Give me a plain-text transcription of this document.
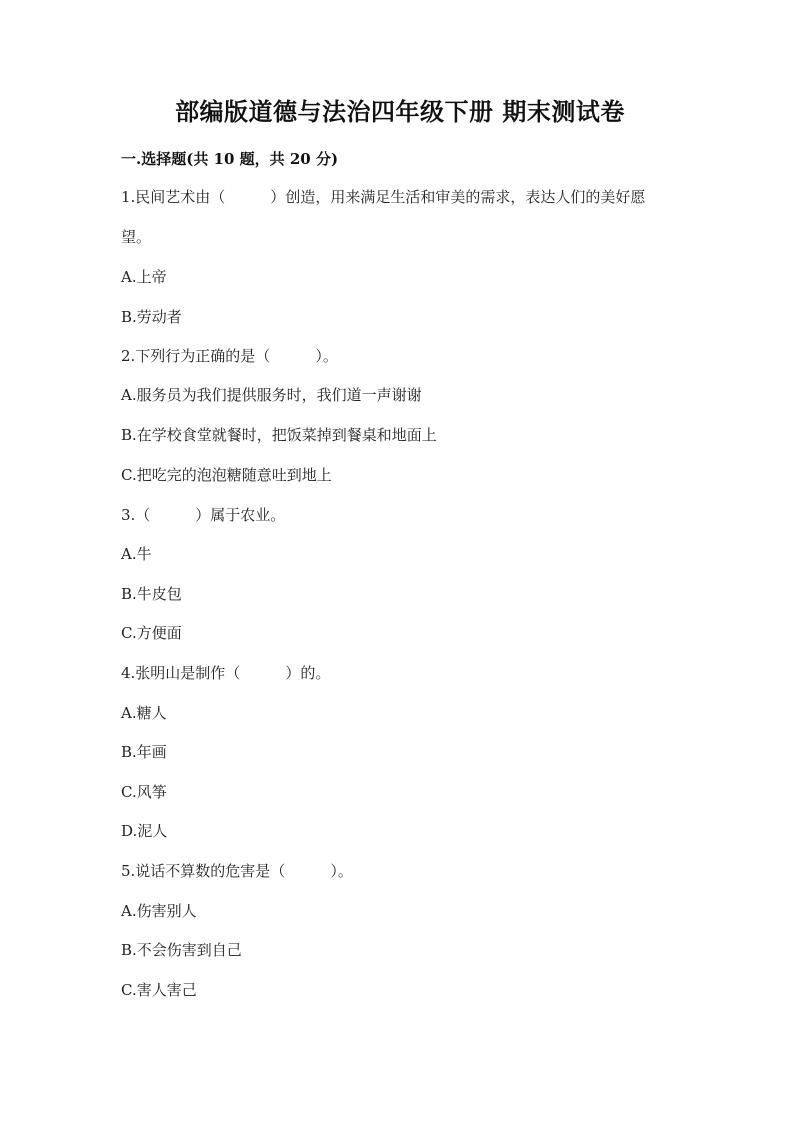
部编版道德与法治四年级下册 期末测试卷
一.选择题(共 10 题，共 20 分)
1.民间艺术由（　　　）创造，用来满足生活和审美的需求，表达人们的美好愿
望。
A.上帝
B.劳动者
2.下列行为正确的是（　　　）。
A.服务员为我们提供服务时，我们道一声谢谢
B.在学校食堂就餐时，把饭菜掉到餐桌和地面上
C.把吃完的泡泡糖随意吐到地上
3.（　　　）属于农业。
A.牛
B.牛皮包
C.方便面
4.张明山是制作（　　　）的。
A.糖人
B.年画
C.风筝
D.泥人
5.说话不算数的危害是（　　　）。
A.伤害别人
B.不会伤害到自己
C.害人害己
